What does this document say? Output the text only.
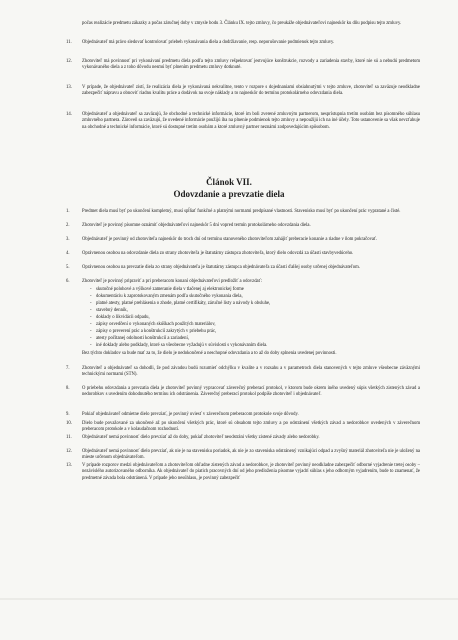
počas realizácie predmetu zákazky a počas záručnej doby v zmysle bodu 3. Článku IX. tejto zmluvy, čo preukáže objednávateľovi najneskôr ku dňu podpisu tejto zmluvy.
11.	Objednávateľ má právo sledovať kontrolovať priebeh vykonávania diela a dodržiavanie, resp. neporušovanie podmienok tejto zmluvy.
12.	Zhotoviteľ má povinnosť pri vykonávaní predmetu diela podľa tejto zmluvy rešpektovať jestvujúce konštrukcie, rozvody a zariadenia stavby, ktoré nie sú a nebudú predmetom vykonávaného diela a z toho dôvodu nesmú byť plnením predmetu zmluvy dotknuté.
13.	V prípade, že objednávateľ zistí, že realizácia diela je vykonávaná nekvalitne, tento v rozpore s dojednaniami obsiahnutými v tejto zmluve, zhotoviteľ sa zaväzuje neodkladne zabezpečiť nápravu a obnoviť riadnu kvalitu práce a dodávok na svoje náklady a to najneskôr do termínu protokolárneho odovzdania diela.
14.	Objednávateľ a objednávateľ sa zaväzujú, že obchodné a technické informácie, ktoré im boli zverené zmluvným partnerom, nesprístupnia tretím osobám bez písomného súhlasu zmluvného partnera. Zároveň sa zaväzujú, že uvedené informácie použijú iba na plnenie podmienok tejto zmluvy a nepoužijú ich na iné účely. Toto ustanovenie sa však nevzťahuje na obchodné a technické informácie, ktoré sú dostupné tretím osobám a ktoré zmluvný partner neznámi zodpovedajúcim spôsobom.
Článok VII.
Odovzdanie a prevzatie diela
1.	Predmet diela musí byť po ukončení kompletný, musí spĺňať funkčné a platnými normami predpísané vlastnosti. Stavenisko musí byť po ukončení prác vypratané a čisté.
2.	Zhotoviteľ je povinný písomne oznámiť objednávateľovi najneskôr 5 dní vopred termín protokolárneho odovzdania diela.
3.	Objednávateľ je povinný od zhotoviteľa najneskôr do troch dní od termínu stanoveného zhotoviteľom zahájiť preberacie konanie a riadne v ňom pokračovať.
4.	Oprávnenou osobou na odovzdanie diela zo strany zhotoviteľa je štatutárny zástupca zhotoviteľa, ktorý dielo odovzdá za účasti stavbyvedúceho.
5.	Oprávnenou osobou na prevzatie diela zo strany objednávateľa je štatutárny zástupca objednávateľa za účasti ďalšej osoby určenej objednávateľom.
6.	Zhotoviteľ je povinný pripraviť a pri preberacom konaní objednávateľovi predložiť a odovzdať:
- skutočné polohové a výškové zameranie diela v tlačenej aj elektronickej forme
- dokumentáciu k zaprotokovaným zmenám podľa skutočného vykonania diela,
- platné atesty, platné prehlásenia o zhode, platné certifikáty, záručné listy a návody k obsluhe,
- stavebný denník,
- doklady o likvidácii odpadu,
- zápisy osvedčení o vykonaných skúškach použitých materiálov,
- zápisy o preverení prác a konštrukcií zakrytých v priebehu prác,
- atesty počítanej odolnosti konštrukcií a zariadení,
- iné doklady alebo podklady, ktoré sa všeobecne vyžadujú v súvislosti s vykonávaním diela.
Bez týchto dokladov sa bude mať za to, že dielo je nedokončené a neschopné odovzdania a to až do doby splnenia uvedenej povinnosti.
7.	Zhotoviteľ a objednávateľ sa dohodli, že pod závadou budú rozumieť odchýlku v kvalite a v rozsahu a v parametroch diela stanovených v tejto zmluve všeobecne záväznými technickými normami (STN).
8.	O priebehu odovzdania a prevzatia diela je zhotoviteľ povinný vypracovať záverečný preberací protokol, v ktorom bude okrem iného uvedený súpis všetkých zistených závad a nedorobkov s uvedením dohodnutého termínu ich odstránenia. Záverečný preberací protokol podpíše zhotoviteľ i objednávateľ.
9.	Pokiaľ objednávateľ odmietne dielo prevziať, je povinný uviesť v záverečnom preberacom protokole svoje dôvody.
10.	Dielo bude považované za ukončené až po ukončení všetkých prác, ktoré sú obsahom tejto zmluvy a po odstránení všetkých závad a nedorobkov uvedených v záverečnom preberacom protokole a v kolaudačnom rozhodnutí.
11.	Objednávateľ nemá povinnosť dielo prevziať až do doby, pokiaľ zhotoviteľ neodstráni všetky zistené závady alebo nedorobky.
12.	Objednávateľ nemá povinnosť dielo prevziať, ak nie je na stavenisku poriadok, ak nie je zo staveniska odstránený vznikajúci odpad a zvyšný materiál zhotoviteľa nie je uložený na mieste určenom objednávateľom.
13.	V prípade rozporov medzi objednávateľom a zhotoviteľom ohľadne zistených závad a nedorobkov, je zhotoviteľ povinný neodkladne zabezpečiť odborné vyjadrenie tretej osoby – nezávislého autorizovaného odborníka. Ak objednávateľ do piatich pracovných dní od jeho predloženia písomne vyjadrí súhlas s jeho odborným vyjadrením, bude to znamenať, že predmetné závada bola odstránená. V prípade jeho nesúhlasu, je povinný zabezpečiť
